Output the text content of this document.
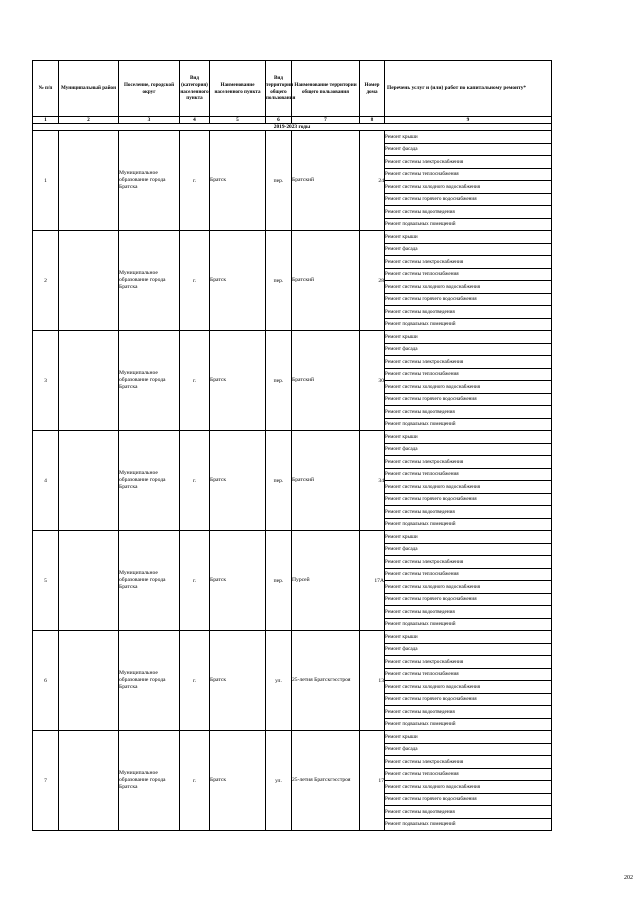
№ п/п	Муниципальный район	Поселение, городской округ	Вид (категория) населенного пункта	Наименование населенного пункта	Вид территории общего пользования	Наименование территории общего пользования	Номер дома	Перечень услуг и (или) работ по капитальному ремонту*
1	2	3	4	5	6	7	8	9
2019-2023 годы								
1		Муниципальное образование города Братска	г.	Братск	пер.	Братский	24	Ремонт крыши
								Ремонт фасада
								Ремонт системы электроснабжения
								Ремонт системы теплоснабжения
								Ремонт системы холодного водоснабжения
								Ремонт системы горячего водоснабжения
								Ремонт системы водоотведения
								Ремонт подвальных помещений
2		Муниципальное образование города Братска	г.	Братск	пер.	Братский	28	Ремонт крыши
								Ремонт фасада
								Ремонт системы электроснабжения
								Ремонт системы теплоснабжения
								Ремонт системы холодного водоснабжения
								Ремонт системы горячего водоснабжения
								Ремонт системы водоотведения
								Ремонт подвальных помещений
3		Муниципальное образование города Братска	г.	Братск	пер.	Братский	30	Ремонт крыши
								Ремонт фасада
								Ремонт системы электроснабжения
								Ремонт системы теплоснабжения
								Ремонт системы холодного водоснабжения
								Ремонт системы горячего водоснабжения
								Ремонт системы водоотведения
								Ремонт подвальных помещений
4		Муниципальное образование города Братска	г.	Братск	пер.	Братский	34	Ремонт крыши
								Ремонт фасада
								Ремонт системы электроснабжения
								Ремонт системы теплоснабжения
								Ремонт системы холодного водоснабжения
								Ремонт системы горячего водоснабжения
								Ремонт системы водоотведения
								Ремонт подвальных помещений
5		Муниципальное образование города Братска	г.	Братск	пер.	Пурсей	17А	Ремонт крыши
								Ремонт фасада
								Ремонт системы электроснабжения
								Ремонт системы теплоснабжения
								Ремонт системы холодного водоснабжения
								Ремонт системы горячего водоснабжения
								Ремонт системы водоотведения
								Ремонт подвальных помещений
6		Муниципальное образование города Братска	г.	Братск	ул.	25-летия Братскгэсстроя	13	Ремонт крыши
								Ремонт фасада
								Ремонт системы электроснабжения
								Ремонт системы теплоснабжения
								Ремонт системы холодного водоснабжения
								Ремонт системы горячего водоснабжения
								Ремонт системы водоотведения
								Ремонт подвальных помещений
7		Муниципальное образование города Братска	г.	Братск	ул.	25-летия Братскгэсстроя	17	Ремонт крыши
								Ремонт фасада
								Ремонт системы электроснабжения
								Ремонт системы теплоснабжения
								Ремонт системы холодного водоснабжения
								Ремонт системы горячего водоснабжения
								Ремонт системы водоотведения
								Ремонт подвальных помещений
202
